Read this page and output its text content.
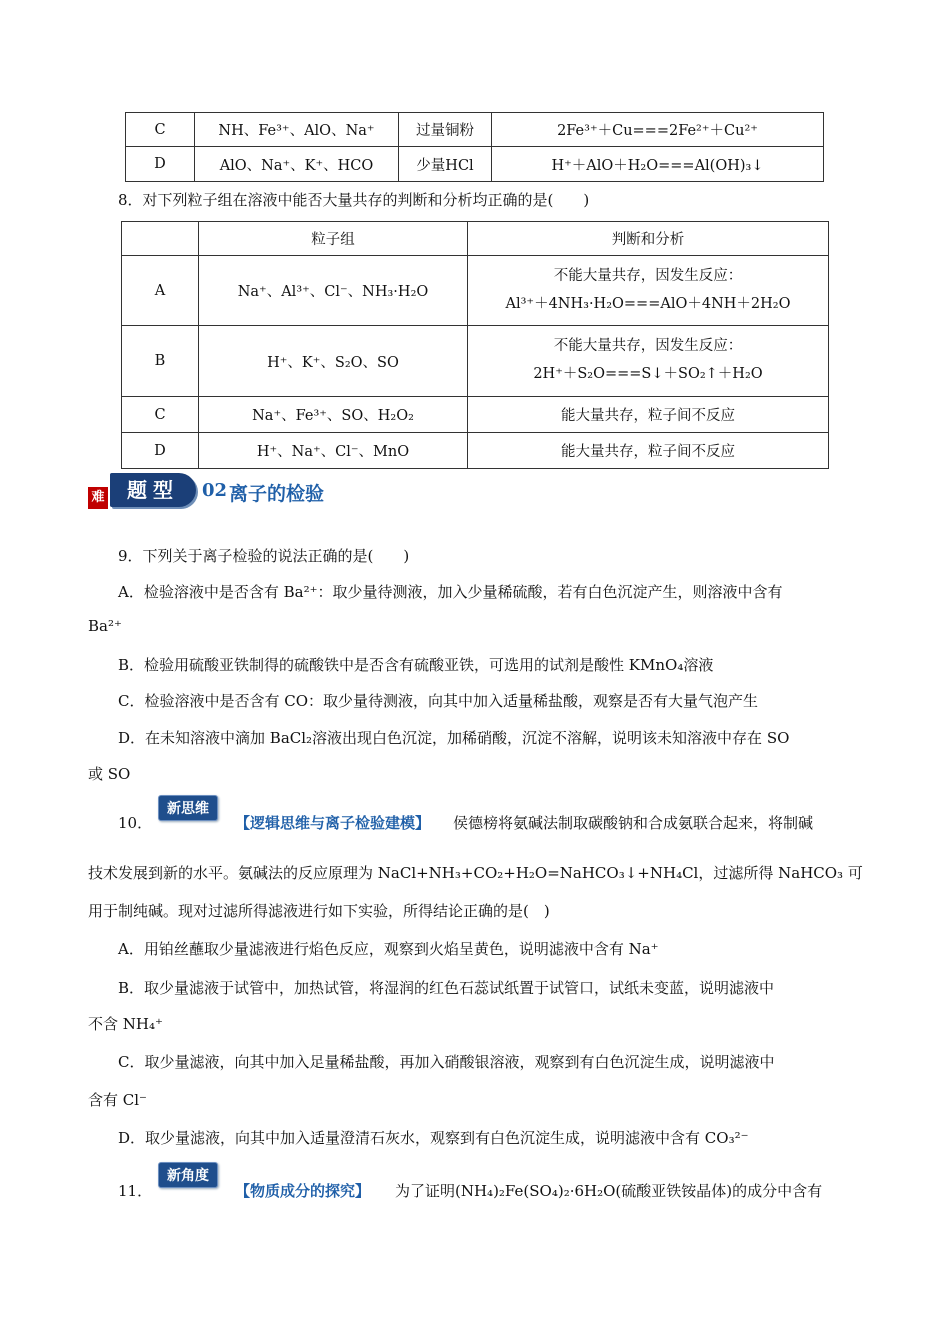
C	NH、Fe³⁺、AlO、Na⁺	过量铜粉	2Fe³⁺＋Cu===2Fe²⁺＋Cu²⁺
D	AlO、Na⁺、K⁺、HCO	少量HCl	H⁺＋AlO＋H₂O===Al(OH)₃↓
8．对下列粒子组在溶液中能否大量共存的判断和分析均正确的是(　　)
	粒子组	判断和分析
A	Na⁺、Al³⁺、Cl⁻、NH₃·H₂O	不能大量共存，因发生反应：
Al³⁺＋4NH₃·H₂O===AlO＋4NH＋2H₂O

B	H⁺、K⁺、S₂O、SO	不能大量共存，因发生反应：
2H⁺＋S₂O===S↓＋SO₂↑＋H₂O

C	Na⁺、Fe³⁺、SO、H₂O₂	能大量共存，粒子间不反应
D	H⁺、Na⁺、Cl⁻、MnO	能大量共存，粒子间不反应
难	题型	02 离子的检验
9．下列关于离子检验的说法正确的是(　　)
A．检验溶液中是否含有 Ba²⁺：取少量待测液，加入少量稀硫酸，若有白色沉淀产生，则溶液中含有
Ba²⁺
B．检验用硫酸亚铁制得的硫酸铁中是否含有硫酸亚铁，可选用的试剂是酸性 KMnO₄溶液
C．检验溶液中是否含有 CO：取少量待测液，向其中加入适量稀盐酸，观察是否有大量气泡产生
D．在未知溶液中滴加 BaCl₂溶液出现白色沉淀，加稀硝酸，沉淀不溶解，说明该未知溶液中存在 SO
或 SO
10．
新思维
【逻辑思维与离子检验建模】 侯德榜将氨碱法制取碳酸钠和合成氨联合起来，将制碱
技术发展到新的水平。氨碱法的反应原理为 NaCl+NH₃+CO₂+H₂O=NaHCO₃↓+NH₄Cl，过滤所得 NaHCO₃ 可
用于制纯碱。现对过滤所得滤液进行如下实验，所得结论正确的是(　)
A．用铂丝蘸取少量滤液进行焰色反应，观察到火焰呈黄色，说明滤液中含有 Na⁺
B．取少量滤液于试管中，加热试管，将湿润的红色石蕊试纸置于试管口，试纸未变蓝，说明滤液中
不含 NH₄⁺
C．取少量滤液，向其中加入足量稀盐酸，再加入硝酸银溶液，观察到有白色沉淀生成，说明滤液中
含有 Cl⁻
D．取少量滤液，向其中加入适量澄清石灰水，观察到有白色沉淀生成，说明滤液中含有 CO₃²⁻
11．
新角度
【物质成分的探究】 为了证明(NH₄)₂Fe(SO₄)₂·6H₂O(硫酸亚铁铵晶体)的成分中含有
